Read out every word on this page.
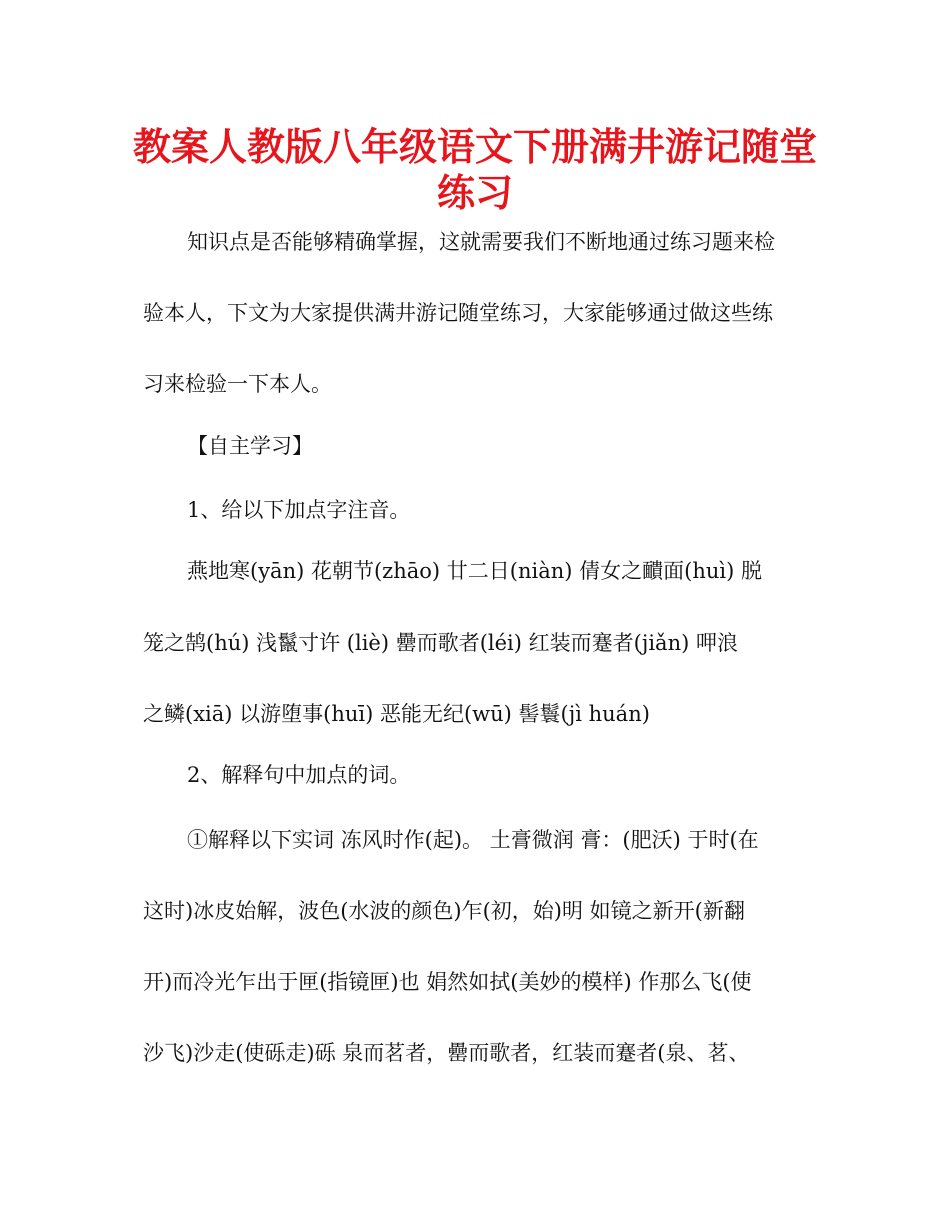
教案人教版八年级语文下册满井游记随堂
练习

知识点是否能够精确掌握，这就需要我们不断地通过练习题来检

验本人，下文为大家提供满井游记随堂练习，大家能够通过做这些练

习来检验一下本人。

【自主学习】

1、给以下加点字注音。

燕地寒(yān) 花朝节(zhāo) 廿二日(niàn) 倩女之靧面(huì) 脱

笼之鹄(hú) 浅鬣寸许 (liè) 罍而歌者(léi) 红装而蹇者(jiǎn) 呷浪

之鳞(xiā) 以游堕事(huī) 恶能无纪(wū) 髻鬟(jì huán)

2、解释句中加点的词。

①解释以下实词 冻风时作(起)。 土膏微润 膏：(肥沃) 于时(在

这时)冰皮始解，波色(水波的颜色)乍(初，始)明 如镜之新开(新翻

开)而冷光乍出于匣(指镜匣)也 娟然如拭(美妙的模样) 作那么飞(使

沙飞)沙走(使砾走)砾 泉而茗者，罍而歌者，红装而蹇者(泉、茗、
